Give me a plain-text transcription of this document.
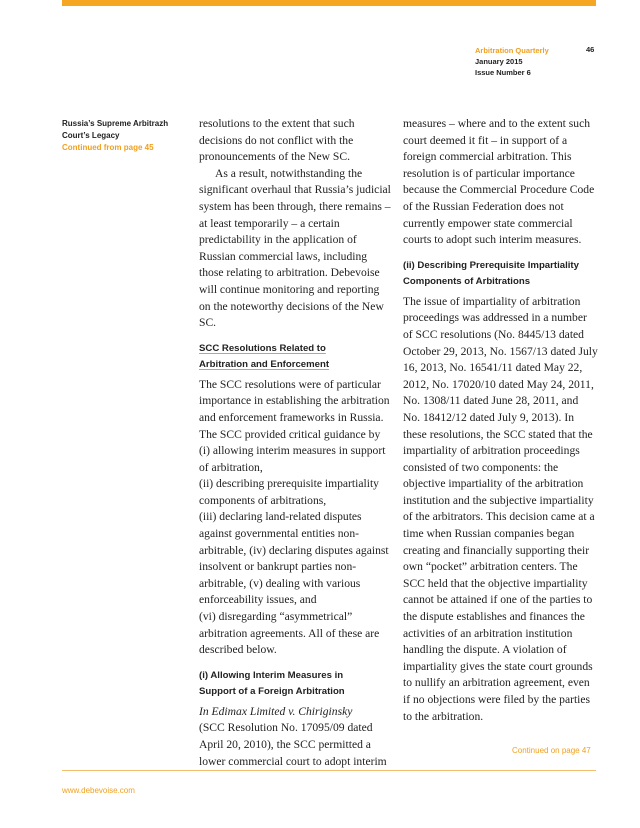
Arbitration Quarterly
January 2015
Issue Number 6
46
Russia’s Supreme Arbitrazh
Court’s Legacy
Continued from page 45

resolutions to the extent that such decisions do not conflict with the pronouncements of the New SC.

As a result, notwithstanding the significant overhaul that Russia’s judicial system has been through, there remains – at least temporarily – a certain predictability in the application of Russian commercial laws, including those relating to arbitration. Debevoise will continue monitoring and reporting on the noteworthy decisions of the New SC.

SCC Resolutions Related to
Arbitration and Enforcement

The SCC resolutions were of particular importance in establishing the arbitration and enforcement frameworks in Russia. The SCC provided critical guidance by (i) allowing interim measures in support of arbitration,

(ii) describing prerequisite impartiality components of arbitrations,

(iii) declaring land-related disputes against governmental entities non-arbitrable, (iv) declaring disputes against insolvent or bankrupt parties non-arbitrable, (v) dealing with various enforceability issues, and

(vi) disregarding “asymmetrical” arbitration agreements. All of these are described below.

(i) Allowing Interim Measures in
Support of a Foreign Arbitration

In Edimax Limited v. Chiriginsky

(SCC Resolution No. 17095/09 dated April 20, 2010), the SCC permitted a lower commercial court to adopt interim

measures – where and to the extent such court deemed it fit – in support of a foreign commercial arbitration. This resolution is of particular importance because the Commercial Procedure Code of the Russian Federation does not currently empower state commercial courts to adopt such interim measures.

(ii) Describing Prerequisite Impartiality
Components of Arbitrations

The issue of impartiality of arbitration proceedings was addressed in a number of SCC resolutions (No. 8445/13 dated October 29, 2013, No. 1567/13 dated July 16, 2013, No. 16541/11 dated May 22, 2012, No. 17020/10 dated May 24, 2011, No. 1308/11 dated June 28, 2011, and No. 18412/12 dated July 9, 2013). In these resolutions, the SCC stated that the impartiality of arbitration proceedings consisted of two components: the objective impartiality of the arbitration institution and the subjective impartiality of the arbitrators. This decision came at a time when Russian companies began creating and financially supporting their own “pocket” arbitration centers. The SCC held that the objective impartiality cannot be attained if one of the parties to the dispute establishes and finances the activities of an arbitration institution handling the dispute. A violation of impartiality gives the state court grounds to nullify an arbitration agreement, even if no objections were filed by the parties to the arbitration.

Continued on page 47
www.debevoise.com
